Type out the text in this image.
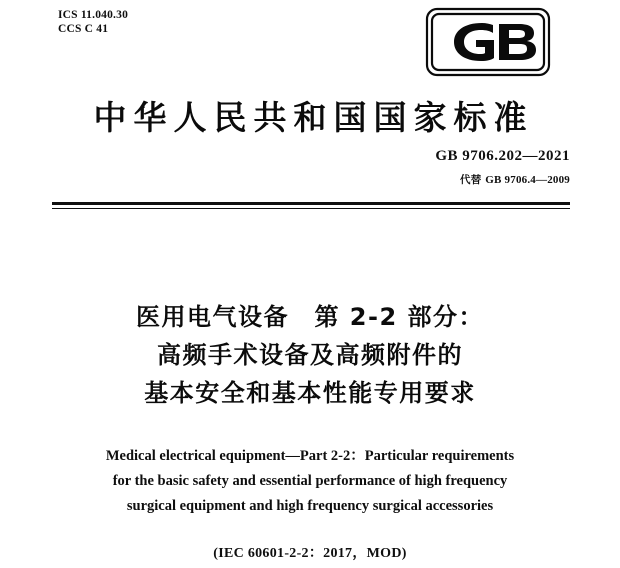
ICS 11.040.30
CCS C 41
中华人民共和国国家标准
GB 9706.202—2021
代替 GB 9706.4—2009
医用电气设备　第 2-2 部分：
高频手术设备及高频附件的
基本安全和基本性能专用要求
Medical electrical equipment—Part 2-2：Particular requirements
for the basic safety and essential performance of high frequency
surgical equipment and high frequency surgical accessories
(IEC 60601-2-2：2017，MOD)
